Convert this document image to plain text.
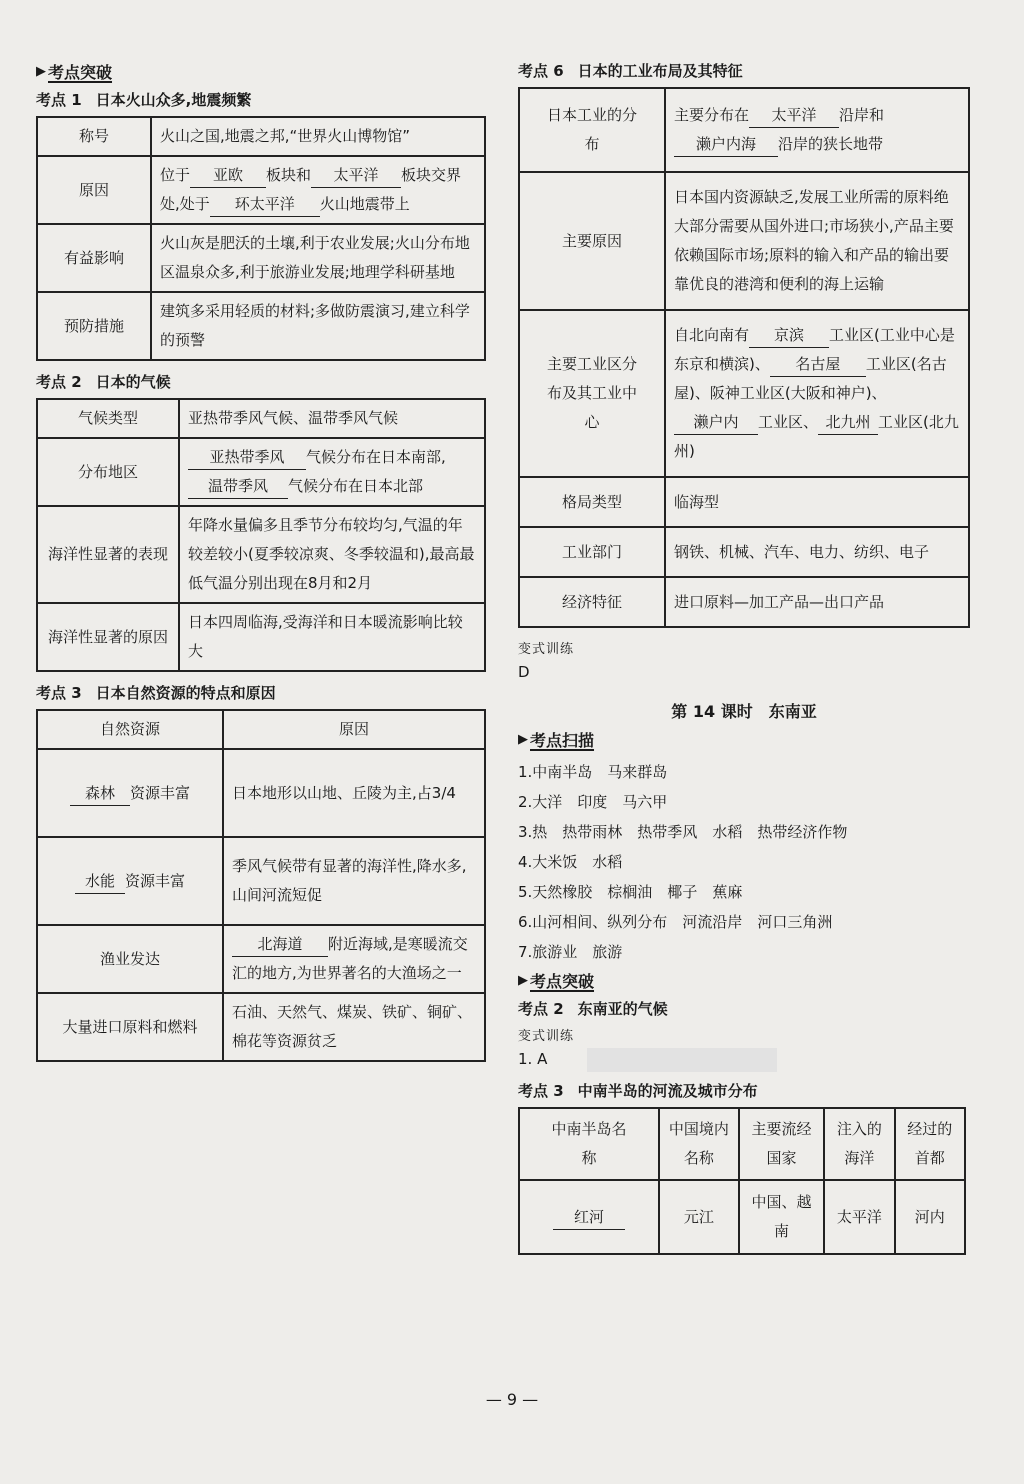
▶ 考点突破
考点 1 日本火山众多,地震频繁
称号	火山之国,地震之邦,“世界火山博物馆”
原因	位于 亚欧 板块和 太平洋 板块交界处,处于 环太平洋 火山地震带上
有益影响	火山灰是肥沃的土壤,利于农业发展;火山分布地区温泉众多,利于旅游业发展;地理学科研基地
预防措施	建筑多采用轻质的材料;多做防震演习,建立科学的预警
考点 2 日本的气候
气候类型	亚热带季风气候、温带季风气候
分布地区	亚热带季风 气候分布在日本南部,温带季风 气候分布在日本北部
海洋性显著的表现	年降水量偏多且季节分布较均匀,气温的年较差较小(夏季较凉爽、冬季较温和),最高最低气温分别出现在8月和2月
海洋性显著的原因	日本四周临海,受海洋和日本暖流影响比较大
考点 3 日本自然资源的特点和原因
自然资源	原因
森林 资源丰富	日本地形以山地、丘陵为主,占3/4
水能 资源丰富	季风气候带有显著的海洋性,降水多,山间河流短促
渔业发达	北海道 附近海域,是寒暖流交汇的地方,为世界著名的大渔场之一
大量进口原料和燃料	石油、天然气、煤炭、铁矿、铜矿、棉花等资源贫乏
考点 6 日本的工业布局及其特征
日本工业的分布	主要分布在 太平洋 沿岸和濑户内海 沿岸的狭长地带
主要原因	日本国内资源缺乏,发展工业所需的原料绝大部分需要从国外进口;市场狭小,产品主要依赖国际市场;原料的输入和产品的输出要靠优良的港湾和便利的海上运输
主要工业区分布及其工业中心	自北向南有 京滨 工业区(工业中心是东京和横滨)、 名古屋 工业区(名古屋)、阪神工业区(大阪和神户)、濑户内 工业区、 北九州 工业区(北九州)
格局类型	临海型
工业部门	钢铁、机械、汽车、电力、纺织、电子
经济特征	进口原料—加工产品—出口产品
变式训练
D
第 14 课时 东南亚
▶ 考点扫描
1.中南半岛　马来群岛
2.大洋　印度　马六甲
3.热　热带雨林　热带季风　水稻　热带经济作物
4.大米饭　水稻
5.天然橡胶　棕榈油　椰子　蕉麻
6.山河相间、纵列分布　河流沿岸　河口三角洲
7.旅游业　旅游
▶ 考点突破
考点 2 东南亚的气候
变式训练
1. A
考点 3 中南半岛的河流及城市分布
中南半岛名称	中国境内名称	主要流经国家	注入的海洋	经过的首都
红河	元江	中国、越南	太平洋	河内
— 9 —
